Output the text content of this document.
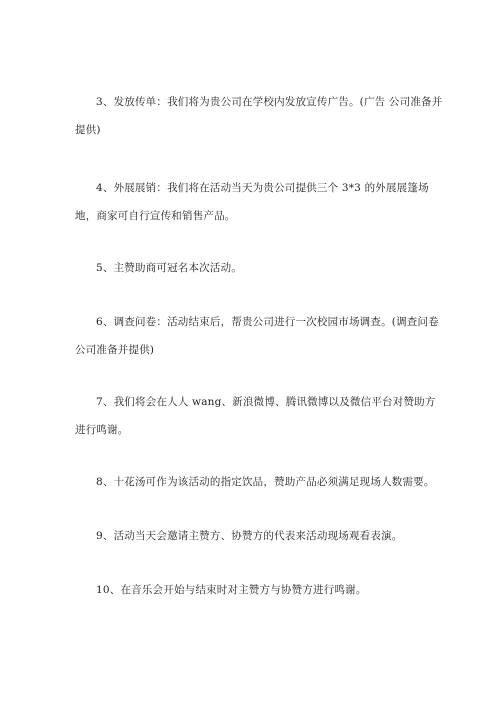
3、发放传单：我们将为贵公司在学校内发放宣传广告。(广告 公司准备并提供)

4、外展展销：我们将在活动当天为贵公司提供三个 3*3 的外展展篷场地，商家可自行宣传和销售产品。

5、主赞助商可冠名本次活动。

6、调查问卷：活动结束后，帮贵公司进行一次校园市场调查。(调查问卷公司准备并提供)

7、我们将会在人人 wang、新浪微博、腾讯微博以及微信平台对赞助方进行鸣谢。

8、十花汤可作为该活动的指定饮品，赞助产品必须满足现场人数需要。

9、活动当天会邀请主赞方、协赞方的代表来活动现场观看表演。

10、在音乐会开始与结束时对主赞方与协赞方进行鸣谢。
